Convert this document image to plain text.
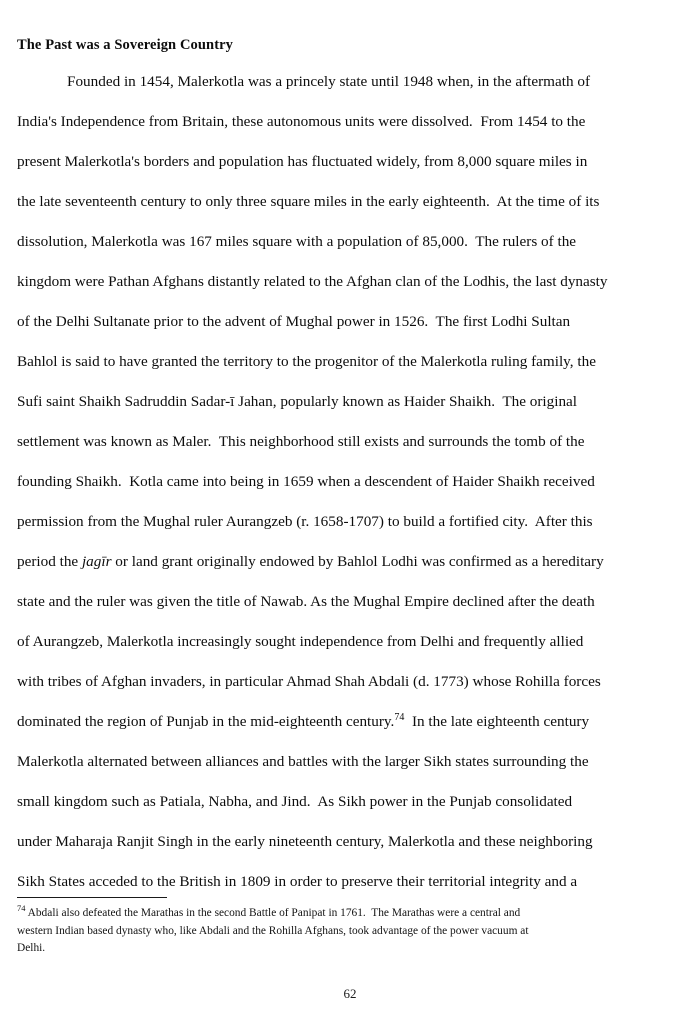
The Past was a Sovereign Country
Founded in 1454, Malerkotla was a princely state until 1948 when, in the aftermath of
India's Independence from Britain, these autonomous units were dissolved.  From 1454 to the
present Malerkotla's borders and population has fluctuated widely, from 8,000 square miles in
the late seventeenth century to only three square miles in the early eighteenth.  At the time of its
dissolution, Malerkotla was 167 miles square with a population of 85,000.  The rulers of the
kingdom were Pathan Afghans distantly related to the Afghan clan of the Lodhis, the last dynasty
of the Delhi Sultanate prior to the advent of Mughal power in 1526.  The first Lodhi Sultan
Bahlol is said to have granted the territory to the progenitor of the Malerkotla ruling family, the
Sufi saint Shaikh Sadruddin Sadar-ī Jahan, popularly known as Haider Shaikh.  The original
settlement was known as Maler.  This neighborhood still exists and surrounds the tomb of the
founding Shaikh.  Kotla came into being in 1659 when a descendent of Haider Shaikh received
permission from the Mughal ruler Aurangzeb (r. 1658-1707) to build a fortified city.  After this
period the jagīr or land grant originally endowed by Bahlol Lodhi was confirmed as a hereditary
state and the ruler was given the title of Nawab. As the Mughal Empire declined after the death
of Aurangzeb, Malerkotla increasingly sought independence from Delhi and frequently allied
with tribes of Afghan invaders, in particular Ahmad Shah Abdali (d. 1773) whose Rohilla forces
dominated the region of Punjab in the mid-eighteenth century.$^{74}$  In the late eighteenth century
Malerkotla alternated between alliances and battles with the larger Sikh states surrounding the
small kingdom such as Patiala, Nabha, and Jind.  As Sikh power in the Punjab consolidated
under Maharaja Ranjit Singh in the early nineteenth century, Malerkotla and these neighboring
Sikh States acceded to the British in 1809 in order to preserve their territorial integrity and a
$^{74}$ Abdali also defeated the Marathas in the second Battle of Panipat in 1761.  The Marathas were a central and
western Indian based dynasty who, like Abdali and the Rohilla Afghans, took advantage of the power vacuum at
Delhi.
62
